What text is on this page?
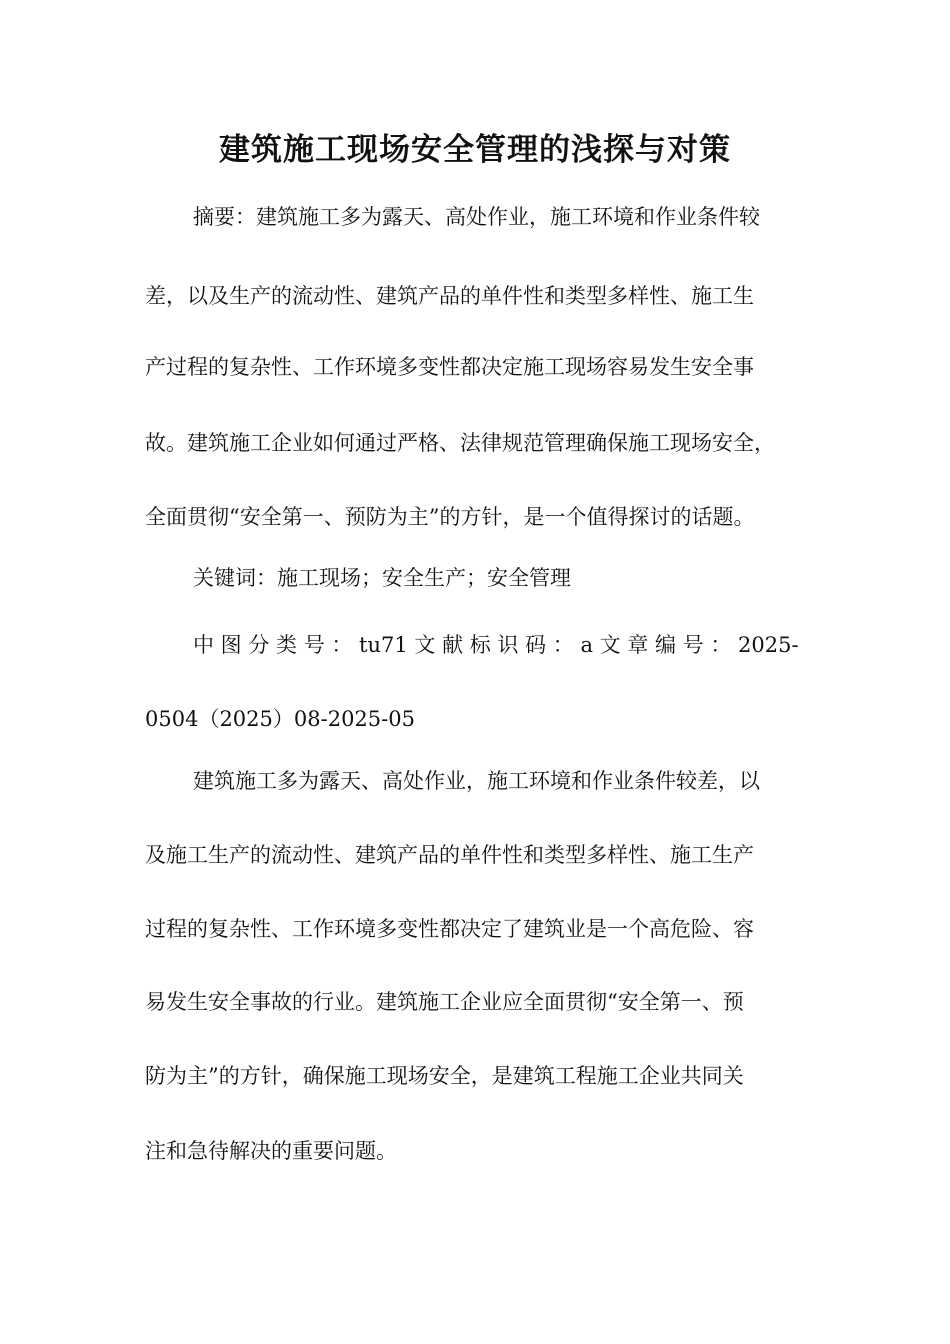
建筑施工现场安全管理的浅探与对策

摘要：建筑施工多为露天、高处作业，施工环境和作业条件较

差，以及生产的流动性、建筑产品的单件性和类型多样性、施工生

产过程的复杂性、工作环境多变性都决定施工现场容易发生安全事

故。建筑施工企业如何通过严格、法律规范管理确保施工现场安全，

全面贯彻“安全第一、预防为主”的方针，是一个值得探讨的话题。

关键词：施工现场；安全生产；安全管理

中 图 分 类 号 ： tu71 文 献 标 识 码 ： a 文 章 编 号 ： 2025-

0504（2025）08-2025-05

建筑施工多为露天、高处作业，施工环境和作业条件较差，以

及施工生产的流动性、建筑产品的单件性和类型多样性、施工生产

过程的复杂性、工作环境多变性都决定了建筑业是一个高危险、容

易发生安全事故的行业。建筑施工企业应全面贯彻“安全第一、预

防为主”的方针，确保施工现场安全，是建筑工程施工企业共同关

注和急待解决的重要问题。
